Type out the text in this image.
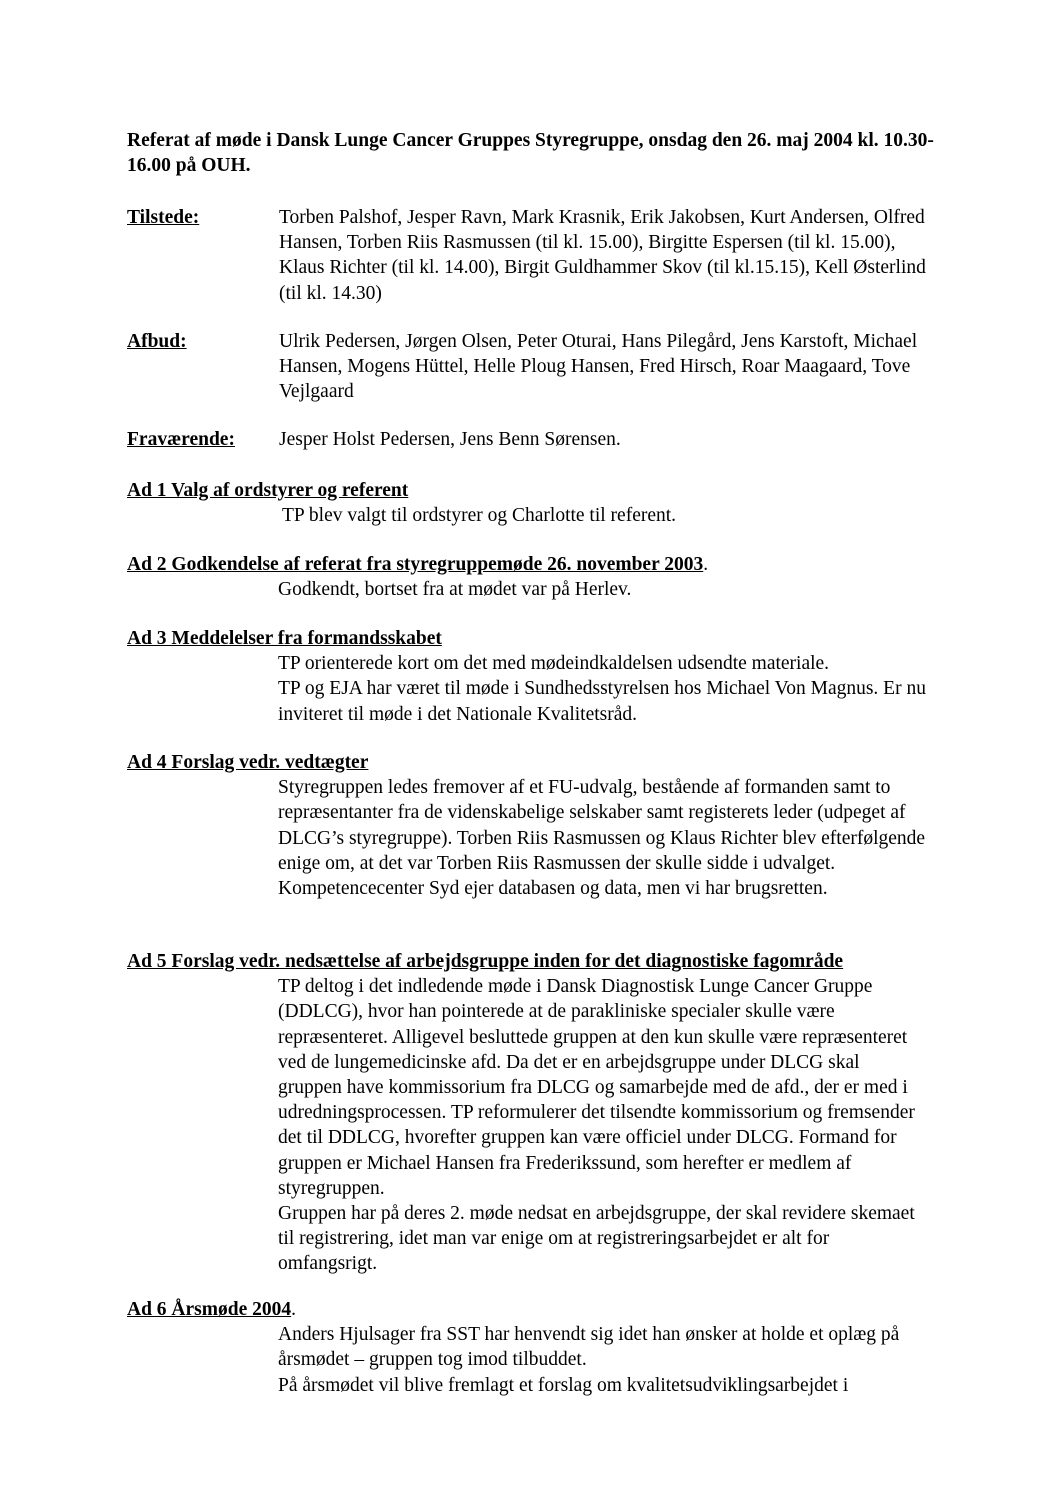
Referat af møde i Dansk Lunge Cancer Gruppes Styregruppe, onsdag den 26. maj 2004 kl. 10.30-16.00 på OUH.
Tilstede:	Torben Palshof, Jesper Ravn, Mark Krasnik, Erik Jakobsen, Kurt Andersen, Olfred Hansen, Torben Riis Rasmussen (til kl. 15.00), Birgitte Espersen (til kl. 15.00), Klaus Richter (til kl. 14.00), Birgit Guldhammer Skov (til kl.15.15), Kell Østerlind (til kl. 14.30)
Afbud:	Ulrik Pedersen, Jørgen Olsen, Peter Oturai, Hans Pilegård, Jens Karstoft, Michael Hansen, Mogens Hüttel, Helle Ploug Hansen, Fred Hirsch, Roar Maagaard, Tove Vejlgaard
Fraværende: Jesper Holst Pedersen, Jens Benn Sørensen.
Ad 1 Valg af ordstyrer og referent
TP blev valgt til ordstyrer og Charlotte til referent.
Ad 2 Godkendelse af referat fra styregruppemøde 26. november 2003.
Godkendt, bortset fra at mødet var på Herlev.
Ad 3 Meddelelser fra formandsskabet
TP orienterede kort om det med mødeindkaldelsen udsendte materiale.
TP og EJA har været til møde i Sundhedsstyrelsen hos Michael Von Magnus. Er nu inviteret til møde i det Nationale Kvalitetsråd.
Ad 4 Forslag vedr. vedtægter
Styregruppen ledes fremover af et FU-udvalg, bestående af formanden samt to repræsentanter fra de videnskabelige selskaber samt registerets leder (udpeget af DLCG’s styregruppe). Torben Riis Rasmussen og Klaus Richter blev efterfølgende enige om, at det var Torben Riis Rasmussen der skulle sidde i udvalget.
Kompetencecenter Syd ejer databasen og data, men vi har brugsretten.
Ad 5 Forslag vedr. nedsættelse af arbejdsgruppe inden for det diagnostiske fagområde
TP deltog i det indledende møde i Dansk Diagnostisk Lunge Cancer Gruppe (DDLCG), hvor han pointerede at de parakliniske specialer skulle være repræsenteret. Alligevel besluttede gruppen at den kun skulle være repræsenteret ved de lungemedicinske afd. Da det er en arbejdsgruppe under DLCG skal gruppen have kommissorium fra DLCG og samarbejde med de afd., der er med i udredningsprocessen. TP reformulerer det tilsendte kommissorium og fremsender det til DDLCG, hvorefter gruppen kan være officiel under DLCG. Formand for gruppen er Michael Hansen fra Frederikssund, som herefter er medlem af styregruppen.
Gruppen har på deres 2. møde nedsat en arbejdsgruppe, der skal revidere skemaet til registrering, idet man var enige om at registreringsarbejdet er alt for omfangsrigt.
Ad 6 Årsmøde 2004.
Anders Hjulsager fra SST har henvendt sig idet han ønsker at holde et oplæg på årsmødet – gruppen tog imod tilbuddet.
På årsmødet vil blive fremlagt et forslag om kvalitetsudviklingsarbejdet i
